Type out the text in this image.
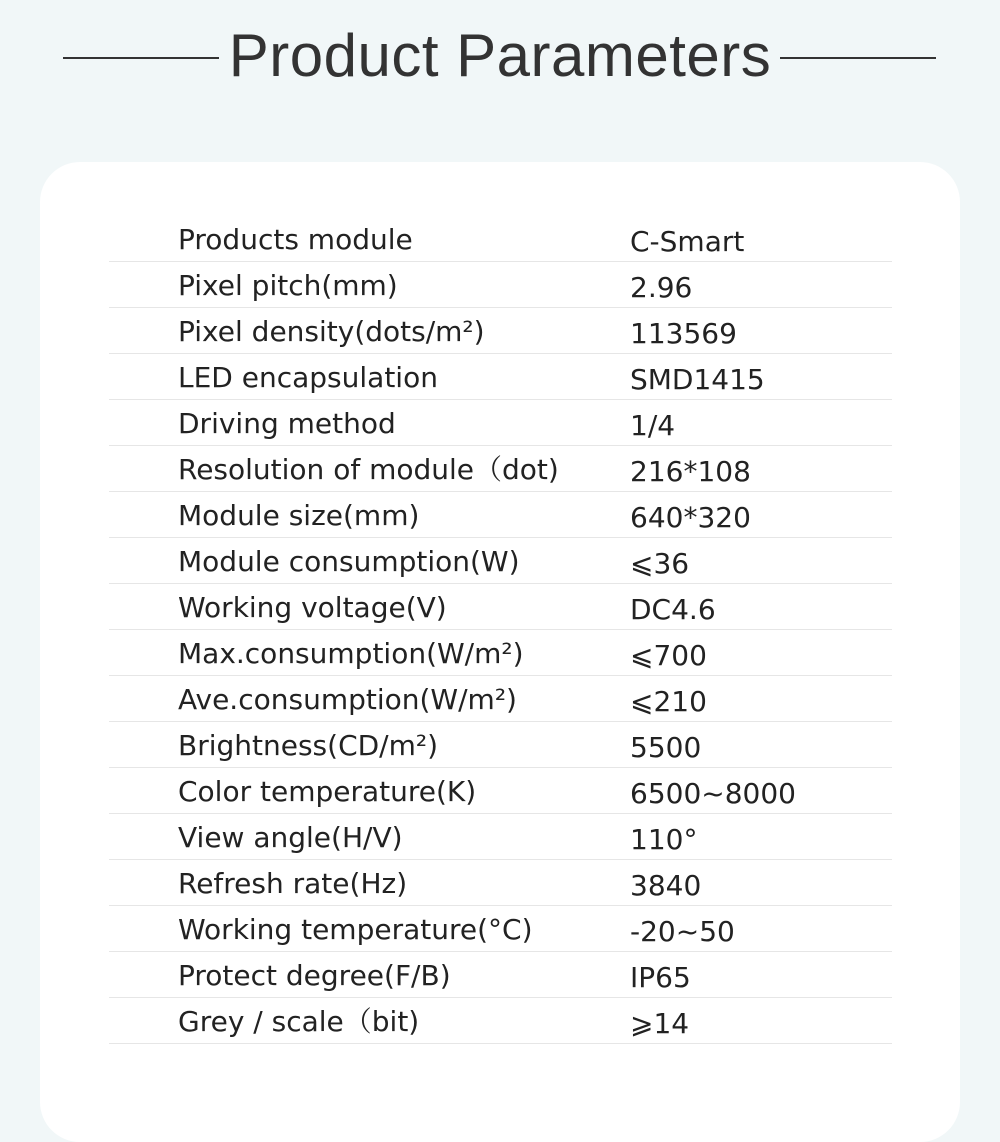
Product Parameters
Products module	C-Smart
Pixel pitch(mm)	2.96
Pixel density(dots/m²)	113569
LED encapsulation	SMD1415
Driving method	1/4
Resolution of module（dot)	216*108
Module size(mm)	640*320
Module consumption(W)	⩽36
Working voltage(V)	DC4.6
Max.consumption(W/m²)	⩽700
Ave.consumption(W/m²)	⩽210
Brightness(CD/m²)	5500
Color temperature(K)	6500~8000
View angle(H/V)	110°
Refresh rate(Hz)	3840
Working temperature(°C)	-20~50
Protect degree(F/B)	IP65
Grey / scale（bit)	⩾14
